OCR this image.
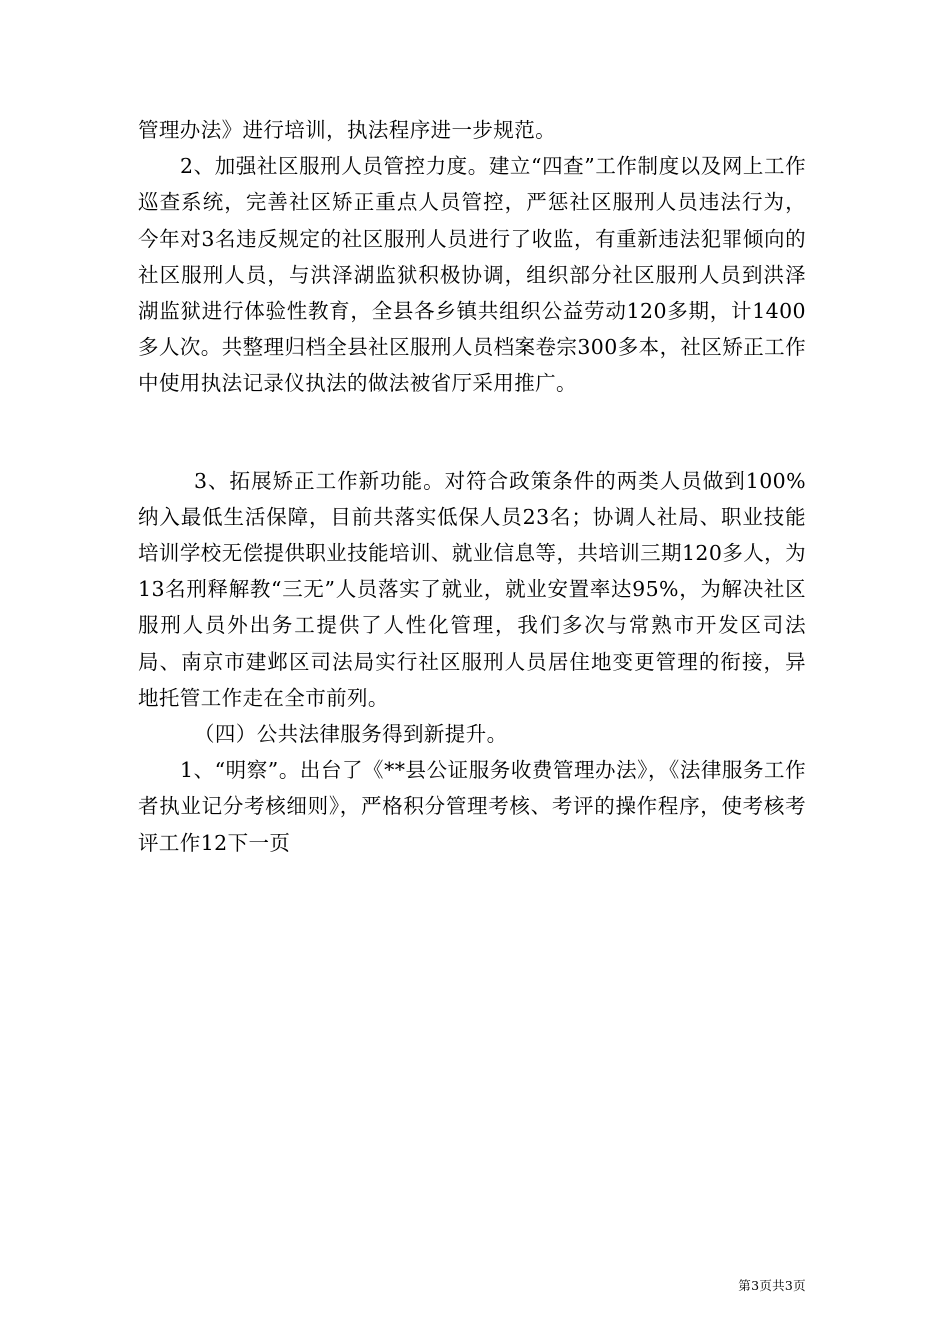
管理办法》进行培训，执法程序进一步规范。

2、加强社区服刑人员管控力度。建立“四查”工作制度以及网上工作巡查系统，完善社区矫正重点人员管控，严惩社区服刑人员违法行为，今年对3名违反规定的社区服刑人员进行了收监，有重新违法犯罪倾向的社区服刑人员，与洪泽湖监狱积极协调，组织部分社区服刑人员到洪泽湖监狱进行体验性教育，全县各乡镇共组织公益劳动120多期，计1400多人次。共整理归档全县社区服刑人员档案卷宗300多本，社区矫正工作中使用执法记录仪执法的做法被省厅采用推广。

3、拓展矫正工作新功能。对符合政策条件的两类人员做到100%纳入最低生活保障，目前共落实低保人员23名；协调人社局、职业技能培训学校无偿提供职业技能培训、就业信息等，共培训三期120多人，为13名刑释解教“三无”人员落实了就业，就业安置率达95%，为解决社区服刑人员外出务工提供了人性化管理，我们多次与常熟市开发区司法局、南京市建邺区司法局实行社区服刑人员居住地变更管理的衔接，异地托管工作走在全市前列。

（四）公共法律服务得到新提升。

1、“明察”。出台了《**县公证服务收费管理办法》，《法律服务工作者执业记分考核细则》，严格积分管理考核、考评的操作程序，使考核考评工作12下一页

第3页共3页
